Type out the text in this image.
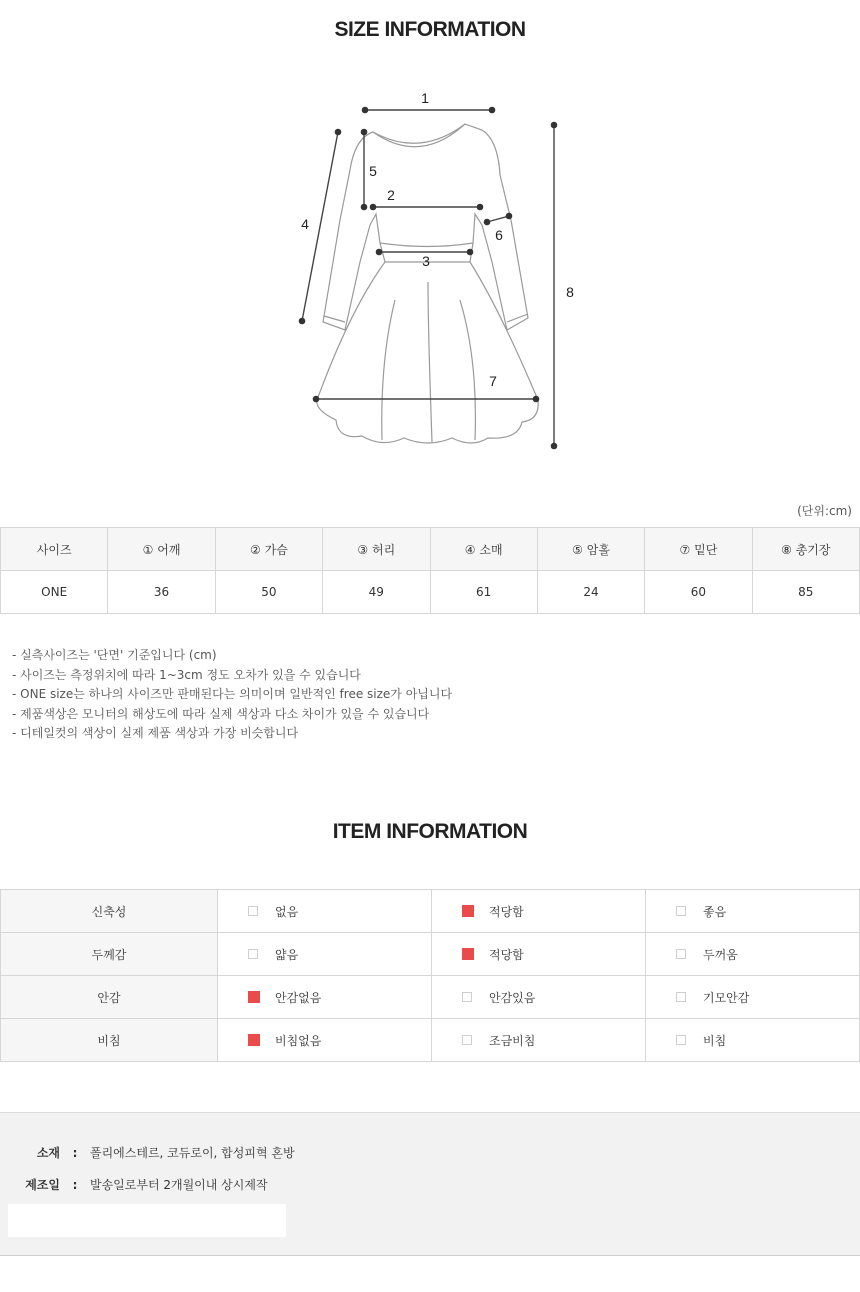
SIZE INFORMATION
1
2
3
4
5
6
7
8
(단위:cm)
사이즈	① 어깨	② 가슴	③ 허리	④ 소매	⑤ 암홀	⑦ 밑단	⑧ 총기장
ONE	36	50	49	61	24	60	85
- 실측사이즈는 '단면' 기준입니다 (cm)
- 사이즈는 측정위치에 따라 1~3cm 정도 오차가 있을 수 있습니다
- ONE size는 하나의 사이즈만 판매된다는 의미이며 일반적인 free size가 아닙니다
- 제품색상은 모니터의 해상도에 따라 실제 색상과 다소 차이가 있을 수 있습니다
- 디테일컷의 색상이 실제 제품 색상과 가장 비슷합니다
ITEM INFORMATION
신축성	없음	적당함	좋음
두께감	얇음	적당함	두꺼움
안감	안감없음	안감있음	기모안감
비침	비침없음	조금비침	비침
소재 : 폴리에스테르, 코듀로이, 합성피혁 혼방
제조일 : 발송일로부터 2개월이내 상시제작
